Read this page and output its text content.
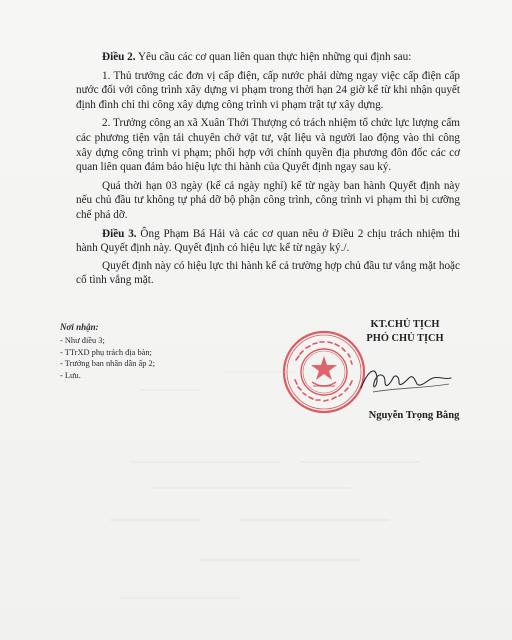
Điều 2. Yêu cầu các cơ quan liên quan thực hiện những qui định sau:

1. Thủ trưởng các đơn vị cấp điện, cấp nước phải dừng ngay việc cấp điện cấp nước đối với công trình xây dựng vi phạm trong thời hạn 24 giờ kể từ khi nhận quyết định đình chỉ thi công xây dựng công trình vi phạm trật tự xây dựng.

2. Trưởng công an xã Xuân Thới Thượng có trách nhiệm tổ chức lực lượng cấm các phương tiện vận tải chuyên chở vật tư, vật liệu và người lao động vào thi công xây dựng công trình vi phạm; phối hợp với chính quyền địa phương đôn đốc các cơ quan liên quan đảm bảo hiệu lực thi hành của Quyết định ngay sau ký.

Quá thời hạn 03 ngày (kể cả ngày nghỉ) kể từ ngày ban hành Quyết định này nếu chủ đầu tư không tự phá dỡ bộ phận công trình, công trình vi phạm thì bị cưỡng chế phá dỡ.

Điều 3. Ông Phạm Bá Hải và các cơ quan nêu ở Điều 2 chịu trách nhiệm thi hành Quyết định này. Quyết định có hiệu lực kể từ ngày ký./.

Quyết định này có hiệu lực thi hành kể cả trường hợp chủ đầu tư vắng mặt hoặc cố tình vắng mặt.

Nơi nhận:
- Như điều 3;
- TTrXD phụ trách địa bàn;
- Trưởng ban nhân dân ấp 2;
- Lưu.
KT.CHỦ TỊCH
PHÓ CHỦ TỊCH
Nguyễn Trọng Bằng
